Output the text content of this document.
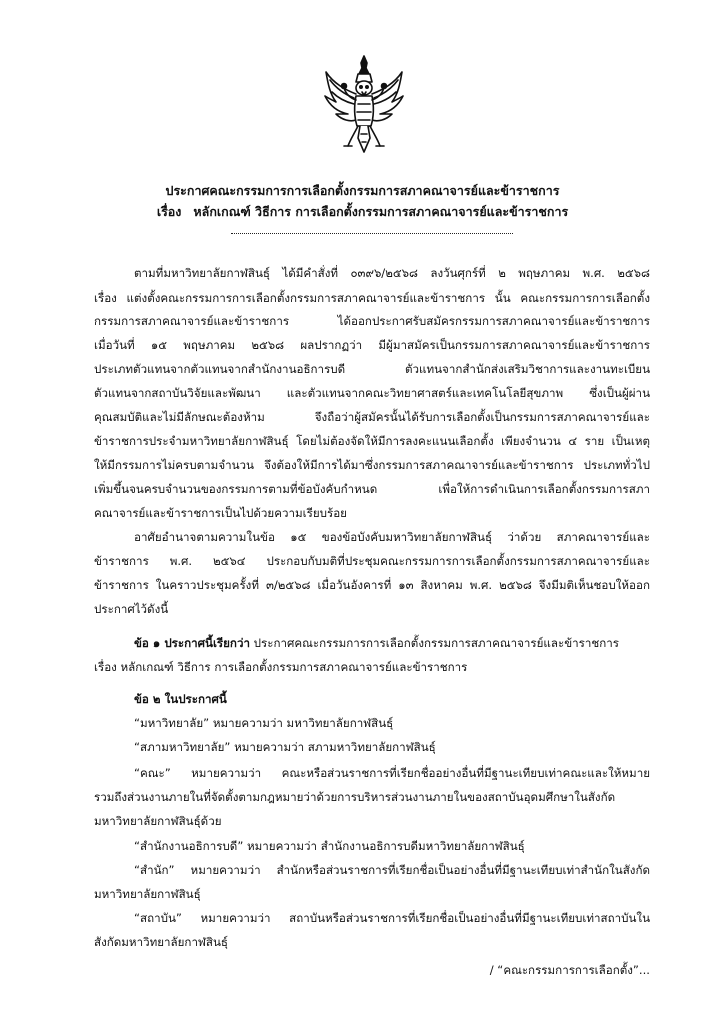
ประกาศคณะกรรมการการเลือกตั้งกรรมการสภาคณาจารย์และข้าราชการ
เรื่อง หลักเกณฑ์ วิธีการ การเลือกตั้งกรรมการสภาคณาจารย์และข้าราชการ
ตามที่มหาวิทยาลัยกาฬสินธุ์ ได้มีคำสั่งที่ ๐๓๙๖/๒๕๖๘ ลงวันศุกร์ที่ ๒ พฤษภาคม พ.ศ. ๒๕๖๘
เรื่อง แต่งตั้งคณะกรรมการการเลือกตั้งกรรมการสภาคณาจารย์และข้าราชการ นั้น คณะกรรมการการเลือกตั้ง
กรรมการสภาคณาจารย์และข้าราชการ ได้ออกประกาศรับสมัครกรรมการสภาคณาจารย์และข้าราชการ
เมื่อวันที่ ๑๕ พฤษภาคม ๒๕๖๘ ผลปรากฏว่า มีผู้มาสมัครเป็นกรรมการสภาคณาจารย์และข้าราชการ
ประเภทตัวแทนจากตัวแทนจากสำนักงานอธิการบดี ตัวแทนจากสำนักส่งเสริมวิชาการและงานทะเบียน
ตัวแทนจากสถาบันวิจัยและพัฒนา และตัวแทนจากคณะวิทยาศาสตร์และเทคโนโลยีสุขภาพ ซึ่งเป็นผู้ผ่าน
คุณสมบัติและไม่มีลักษณะต้องห้าม จึงถือว่าผู้สมัครนั้นได้รับการเลือกตั้งเป็นกรรมการสภาคณาจารย์และ
ข้าราชการประจำมหาวิทยาลัยกาฬสินธุ์ โดยไม่ต้องจัดให้มีการลงคะแนนเลือกตั้ง เพียงจำนวน ๔ ราย เป็นเหตุ
ให้มีกรรมการไม่ครบตามจำนวน จึงต้องให้มีการได้มาซึ่งกรรมการสภาคณาจารย์และข้าราชการ ประเภททั่วไป
เพิ่มขึ้นจนครบจำนวนของกรรมการตามที่ข้อบังคับกำหนด เพื่อให้การดำเนินการเลือกตั้งกรรมการสภา
คณาจารย์และข้าราชการเป็นไปด้วยความเรียบร้อย
อาศัยอำนาจตามความในข้อ ๑๕ ของข้อบังคับมหาวิทยาลัยกาฬสินธุ์ ว่าด้วย สภาคณาจารย์และ
ข้าราชการ พ.ศ. ๒๕๖๔ ประกอบกับมติที่ประชุมคณะกรรมการการเลือกตั้งกรรมการสภาคณาจารย์และ
ข้าราชการ ในคราวประชุมครั้งที่ ๓/๒๕๖๘ เมื่อวันอังคารที่ ๑๓ สิงหาคม พ.ศ. ๒๕๖๘ จึงมีมติเห็นชอบให้ออก
ประกาศไว้ดังนี้
ข้อ ๑ ประกาศนี้เรียกว่า ประกาศคณะกรรมการการเลือกตั้งกรรมการสภาคณาจารย์และข้าราชการ
เรื่อง หลักเกณฑ์ วิธีการ การเลือกตั้งกรรมการสภาคณาจารย์และข้าราชการ
ข้อ ๒ ในประกาศนี้
“มหาวิทยาลัย” หมายความว่า มหาวิทยาลัยกาฬสินธุ์
“สภามหาวิทยาลัย” หมายความว่า สภามหาวิทยาลัยกาฬสินธุ์
“คณะ” หมายความว่า คณะหรือส่วนราชการที่เรียกชื่ออย่างอื่นที่มีฐานะเทียบเท่าคณะและให้หมาย
รวมถึงส่วนงานภายในที่จัดตั้งตามกฎหมายว่าด้วยการบริหารส่วนงานภายในของสถาบันอุดมศึกษาในสังกัด
มหาวิทยาลัยกาฬสินธุ์ด้วย
“สำนักงานอธิการบดี” หมายความว่า สำนักงานอธิการบดีมหาวิทยาลัยกาฬสินธุ์
“สำนัก” หมายความว่า สำนักหรือส่วนราชการที่เรียกชื่อเป็นอย่างอื่นที่มีฐานะเทียบเท่าสำนักในสังกัด
มหาวิทยาลัยกาฬสินธุ์
“สถาบัน” หมายความว่า สถาบันหรือส่วนราชการที่เรียกชื่อเป็นอย่างอื่นที่มีฐานะเทียบเท่าสถาบันใน
สังกัดมหาวิทยาลัยกาฬสินธุ์
/ “คณะกรรมการการเลือกตั้ง”...
